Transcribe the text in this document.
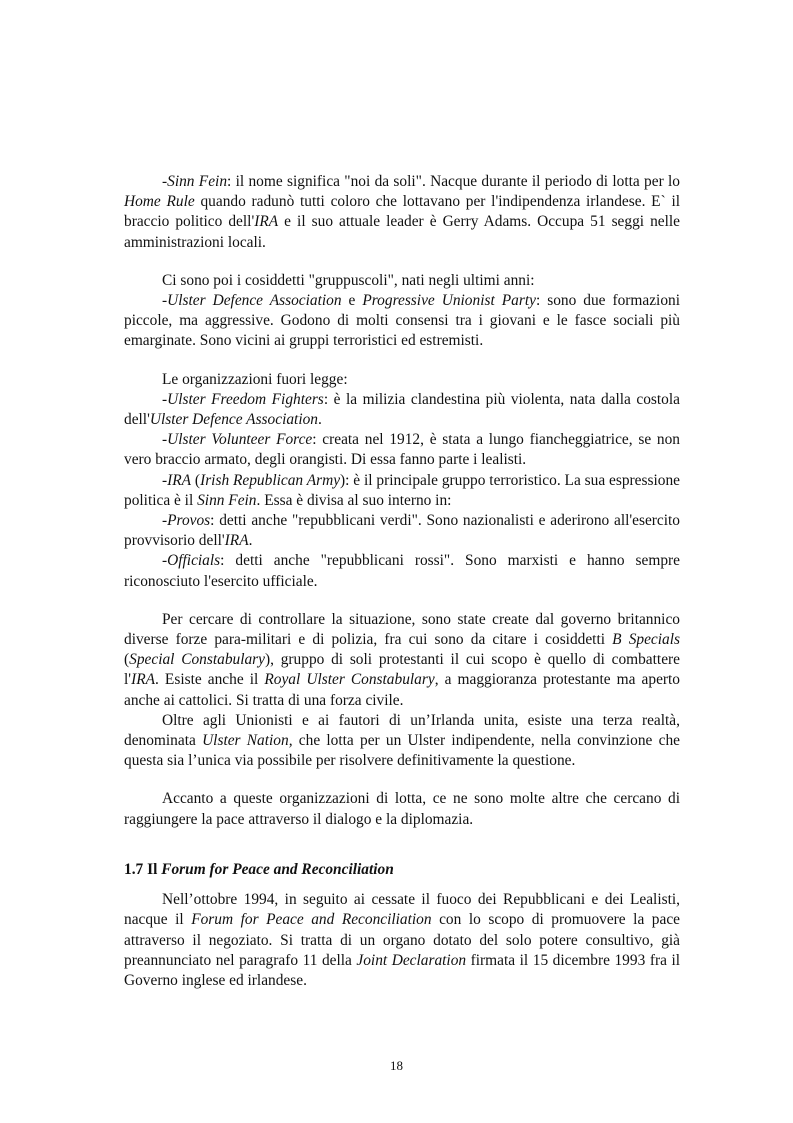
-Sinn Fein: il nome significa "noi da soli". Nacque durante il periodo di lotta per lo Home Rule quando radunò tutti coloro che lottavano per l'indipendenza irlandese. E` il braccio politico dell'IRA e il suo attuale leader è Gerry Adams. Occupa 51 seggi nelle amministrazioni locali.

Ci sono poi i cosiddetti "gruppuscoli", nati negli ultimi anni:

-Ulster Defence Association e Progressive Unionist Party: sono due formazioni piccole, ma aggressive. Godono di molti consensi tra i giovani e le fasce sociali più emarginate. Sono vicini ai gruppi terroristici ed estremisti.

Le organizzazioni fuori legge:

-Ulster Freedom Fighters: è la milizia clandestina più violenta, nata dalla costola dell'Ulster Defence Association.

-Ulster Volunteer Force: creata nel 1912, è stata a lungo fiancheggiatrice, se non vero braccio armato, degli orangisti. Di essa fanno parte i lealisti.

-IRA (Irish Republican Army): è il principale gruppo terroristico. La sua espressione politica è il Sinn Fein. Essa è divisa al suo interno in:

-Provos: detti anche "repubblicani verdi". Sono nazionalisti e aderirono all'esercito provvisorio dell'IRA.

-Officials: detti anche "repubblicani rossi". Sono marxisti e hanno sempre riconosciuto l'esercito ufficiale.

Per cercare di controllare la situazione, sono state create dal governo britannico diverse forze para-militari e di polizia, fra cui sono da citare i cosiddetti B Specials (Special Constabulary), gruppo di soli protestanti il cui scopo è quello di combattere l'IRA. Esiste anche il Royal Ulster Constabulary, a maggioranza protestante ma aperto anche ai cattolici. Si tratta di una forza civile.

Oltre agli Unionisti e ai fautori di un’Irlanda unita, esiste una terza realtà, denominata Ulster Nation, che lotta per un Ulster indipendente, nella convinzione che questa sia l’unica via possibile per risolvere definitivamente la questione.

Accanto a queste organizzazioni di lotta, ce ne sono molte altre che cercano di raggiungere la pace attraverso il dialogo e la diplomazia.

1.7 Il Forum for Peace and Reconciliation

Nell’ottobre 1994, in seguito ai cessate il fuoco dei Repubblicani e dei Lealisti, nacque il Forum for Peace and Reconciliation con lo scopo di promuovere la pace attraverso il negoziato. Si tratta di un organo dotato del solo potere consultivo, già preannunciato nel paragrafo 11 della Joint Declaration firmata il 15 dicembre 1993 fra il Governo inglese ed irlandese.

18
